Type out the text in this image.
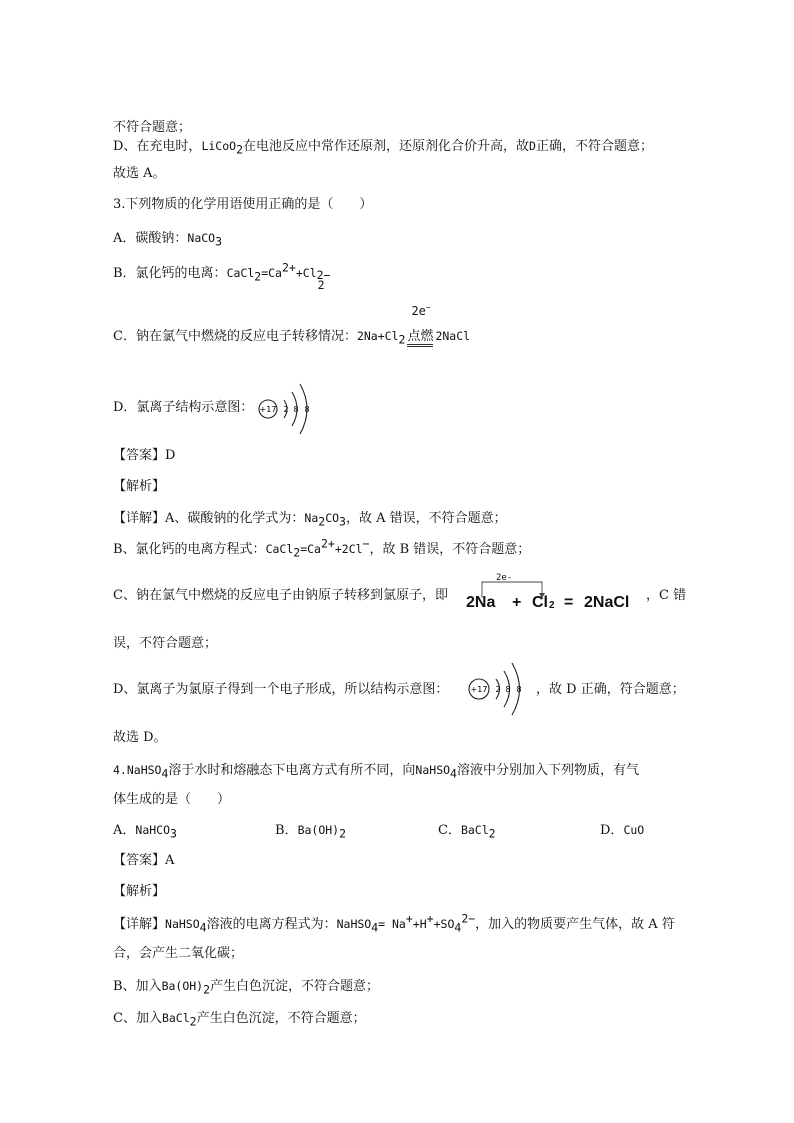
不符合题意；
D、在充电时，LiCoO$_2$在电池反应中常作还原剂，还原剂化合价升高，故D正确，不符合题意；
故选 A。
3.下列物质的化学用语使用正确的是（　　）
A．碳酸钠：NaCO$_3$
B．氯化钙的电离：$CaCl_2=Ca^{2+}+Cl$ 2−
2
C．钠在氯气中燃烧的反应电子转移情况：$2Na+Cl_2$
2e−
点燃 2NaCl
D．氯离子结构示意图： +17 2 8 8
【答案】D
【解析】
【详解】A、碳酸钠的化学式为：$Na_2CO_3$，故 A 错误，不符合题意；
B、氯化钙的电离方程式：$CaCl_2=Ca^{2+}+2Cl^-$，故 B 错误，不符合题意；
C、钠在氯气中燃烧的反应电子由钠原子转移到氯原子，即
2e-
2Na + Cl 2 = 2NaCl ，C 错
误，不符合题意；
D、氯离子为氯原子得到一个电子形成，所以结构示意图：	+17 2 8 8 ，故 D 正确，符合题意；
故选 D。
4.NaHSO$_4$溶于水时和熔融态下电离方式有所不同，向NaHSO$_4$溶液中分别加入下列物质，有气
体生成的是（　　）
A．NaHCO$_3$	B．$Ba(OH)_2$	C．BaCl$_2$	D．CuO
【答案】A
【解析】
【详解】NaHSO$_4$溶液的电离方程式为：NaHSO$_4$= $Na^++H^++SO_4^{2-}$，加入的物质要产生气体，故 A 符
合，会产生二氧化碳；
B、加入$Ba(OH)_2$产生白色沉淀，不符合题意；
C、加入BaCl$_2$产生白色沉淀，不符合题意；
